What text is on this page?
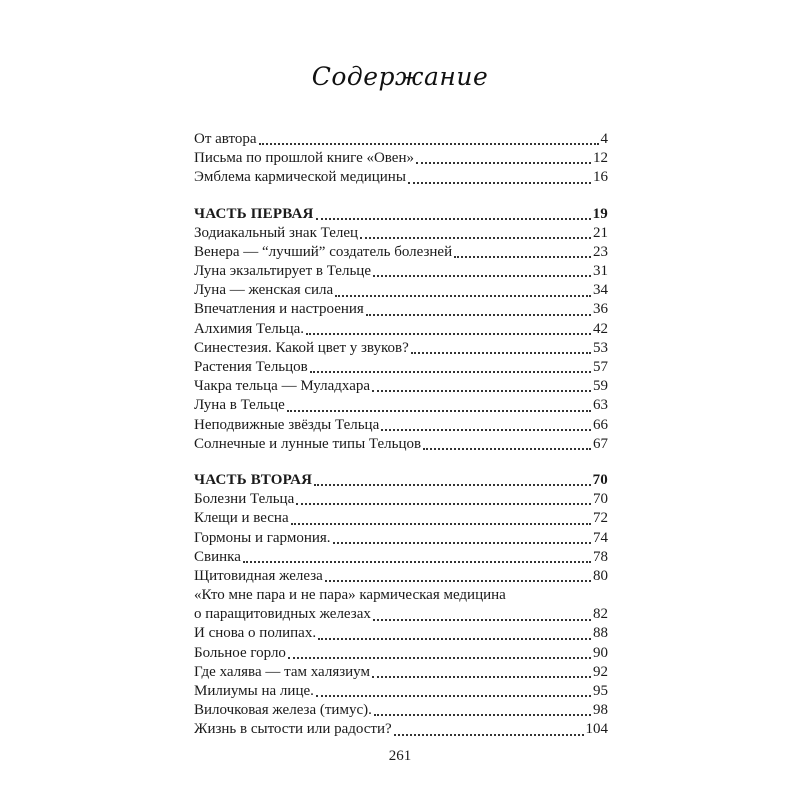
Содержание
От автора	4
Письма по прошлой книге «Овен»	12
Эмблема кармической медицины	16
ЧАСТЬ ПЕРВАЯ	19
Зодиакальный знак Телец	21
Венера — “лучший” создатель болезней	23
Луна экзальтирует в Тельце	31
Луна — женская сила	34
Впечатления и настроения	36
Алхимия Тельца.	42
Синестезия. Какой цвет у звуков?	53
Растения Тельцов	57
Чакра тельца — Муладхара	59
Луна в Тельце	63
Неподвижные звёзды Тельца	66
Солнечные и лунные типы Тельцов	67
ЧАСТЬ ВТОРАЯ	70
Болезни Тельца	70
Клещи и весна	72
Гормоны и гармония.	74
Свинка	78
Щитовидная железа	80
«Кто мне пара и не пара» кармическая медицина
о паращитовидных железах	82
И снова о полипах.	88
Больное горло	90
Где халява — там халязиум	92
Милиумы на лице.	95
Вилочковая железа (тимус).	98
Жизнь в сытости или радости?	104
261
